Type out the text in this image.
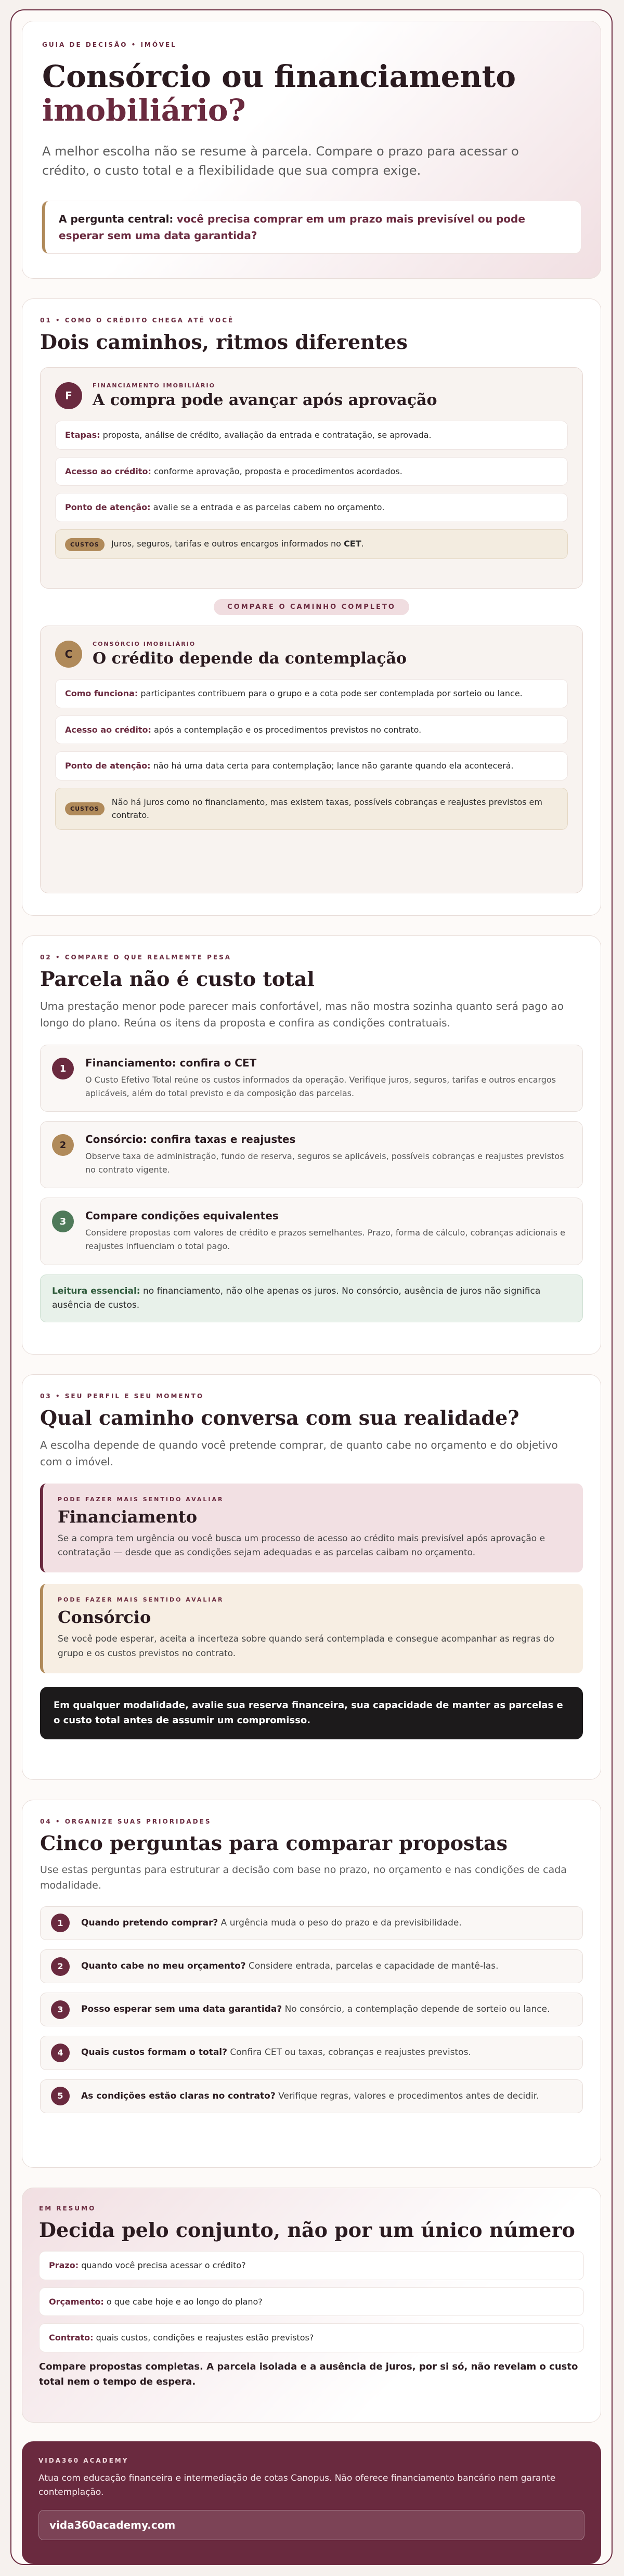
GUIA DE DECISÃO • IMÓVEL
Consórcio ou financiamento
imobiliário?
A melhor escolha não se resume à parcela. Compare o prazo para acessar o crédito, o custo total e a flexibilidade que sua compra exige.
A pergunta central: você precisa comprar em um prazo mais previsível ou pode esperar sem uma data garantida?
01 • COMO O CRÉDITO CHEGA ATÉ VOCÊ
Dois caminhos, ritmos diferentes
F
FINANCIAMENTO IMOBILIÁRIO
A compra pode avançar após aprovação
Etapas: proposta, análise de crédito, avaliação da entrada e contratação, se aprovada.
Acesso ao crédito: conforme aprovação, proposta e procedimentos acordados.
Ponto de atenção: avalie se a entrada e as parcelas cabem no orçamento.
CUSTOS Juros, seguros, tarifas e outros encargos informados no CET.
COMPARE O CAMINHO COMPLETO
C
CONSÓRCIO IMOBILIÁRIO
O crédito depende da contemplação
Como funciona: participantes contribuem para o grupo e a cota pode ser contemplada por sorteio ou lance.
Acesso ao crédito: após a contemplação e os procedimentos previstos no contrato.
Ponto de atenção: não há uma data certa para contemplação; lance não garante quando ela acontecerá.
CUSTOS
Não há juros como no financiamento, mas existem taxas, possíveis cobranças e reajustes previstos em contrato.
02 • COMPARE O QUE REALMENTE PESA
Parcela não é custo total
Uma prestação menor pode parecer mais confortável, mas não mostra sozinha quanto será pago ao longo do plano. Reúna os itens da proposta e confira as condições contratuais.
1	Financiamento: confira o CET
O Custo Efetivo Total reúne os custos informados da operação. Verifique juros, seguros, tarifas e outros encargos aplicáveis, além do total previsto e da composição das parcelas.
2	Consórcio: confira taxas e reajustes
Observe taxa de administração, fundo de reserva, seguros se aplicáveis, possíveis cobranças e reajustes previstos no contrato vigente.
3	Compare condições equivalentes
Considere propostas com valores de crédito e prazos semelhantes. Prazo, forma de cálculo, cobranças adicionais e reajustes influenciam o total pago.
Leitura essencial: no financiamento, não olhe apenas os juros. No consórcio, ausência de juros não significa ausência de custos.
03 • SEU PERFIL E SEU MOMENTO
Qual caminho conversa com sua realidade?
A escolha depende de quando você pretende comprar, de quanto cabe no orçamento e do objetivo com o imóvel.
PODE FAZER MAIS SENTIDO AVALIAR
Financiamento
Se a compra tem urgência ou você busca um processo de acesso ao crédito mais previsível após aprovação e contratação — desde que as condições sejam adequadas e as parcelas caibam no orçamento.
PODE FAZER MAIS SENTIDO AVALIAR
Consórcio
Se você pode esperar, aceita a incerteza sobre quando será contemplada e consegue acompanhar as regras do grupo e os custos previstos no contrato.
Em qualquer modalidade, avalie sua reserva financeira, sua capacidade de manter as parcelas e o custo total antes de assumir um compromisso.
04 • ORGANIZE SUAS PRIORIDADES
Cinco perguntas para comparar propostas
Use estas perguntas para estruturar a decisão com base no prazo, no orçamento e nas condições de cada modalidade.
1	Quando pretendo comprar? A urgência muda o peso do prazo e da previsibilidade.
2	Quanto cabe no meu orçamento? Considere entrada, parcelas e capacidade de mantê-las.
3	Posso esperar sem uma data garantida? No consórcio, a contemplação depende de sorteio ou lance.
4	Quais custos formam o total? Confira CET ou taxas, cobranças e reajustes previstos.
5	As condições estão claras no contrato? Verifique regras, valores e procedimentos antes de decidir.
EM RESUMO
Decida pelo conjunto, não por um único número
Prazo: quando você precisa acessar o crédito?
Orçamento: o que cabe hoje e ao longo do plano?
Contrato: quais custos, condições e reajustes estão previstos?
Compare propostas completas. A parcela isolada e a ausência de juros, por si só, não revelam o custo total nem o tempo de espera.
VIDA360 ACADEMY
Atua com educação financeira e intermediação de cotas Canopus. Não oferece financiamento bancário nem garante contemplação.
vida360academy.com
